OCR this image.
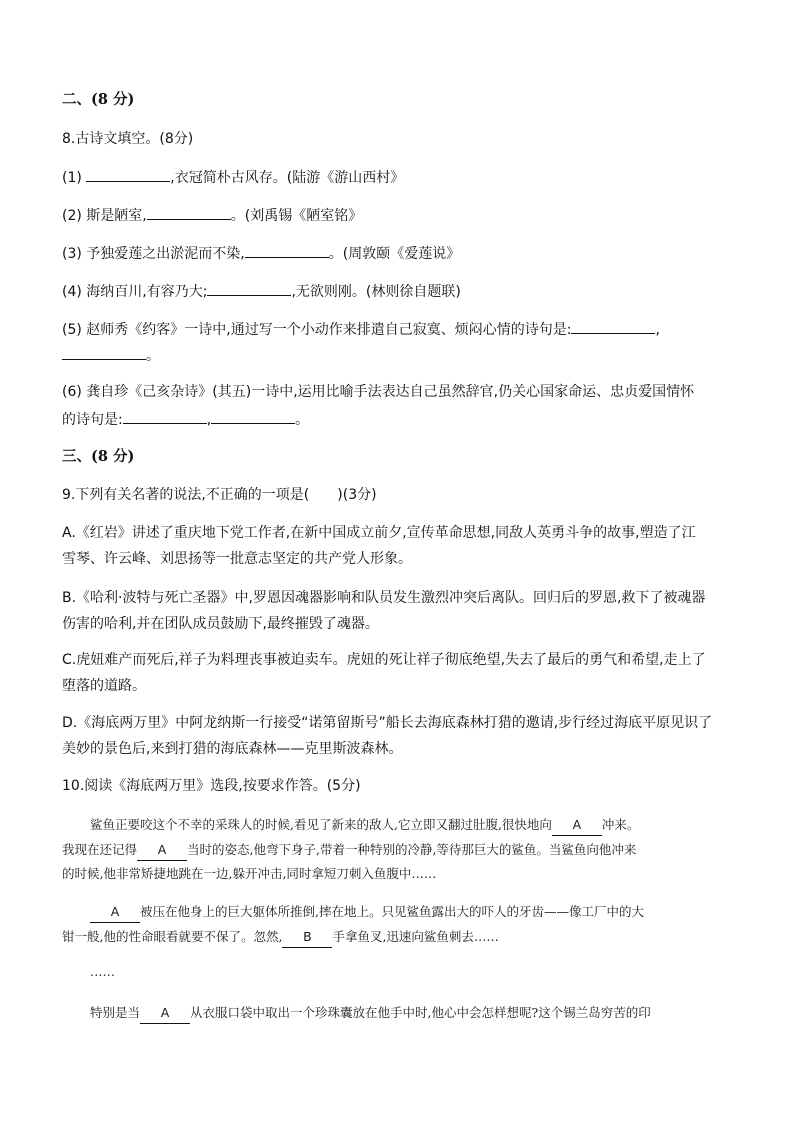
二、(8 分)
8.古诗文填空。(8分)
(1)	,衣冠简朴古风存。(陆游《游山西村》
(2) 斯是陋室,	。(刘禹锡《陋室铭》
(3) 予独爱莲之出淤泥而不染,	。(周敦颐《爱莲说》
(4) 海纳百川,有容乃大;	,无欲则刚。(林则徐自题联)
(5) 赵师秀《约客》一诗中,通过写一个小动作来排遣自己寂寞、烦闷心情的诗句是:	,
。
(6) 龚自珍《己亥杂诗》(其五)一诗中,运用比喻手法表达自己虽然辞官,仍关心国家命运、忠贞爱国情怀
的诗句是:	,	。
三、(8 分)
9.下列有关名著的说法,不正确的一项是(　　)(3分)
A.《红岩》讲述了重庆地下党工作者,在新中国成立前夕,宣传革命思想,同敌人英勇斗争的故事,塑造了江
雪琴、许云峰、刘思扬等一批意志坚定的共产党人形象。
B.《哈利·波特与死亡圣器》中,罗恩因魂器影响和队员发生激烈冲突后离队。回归后的罗恩,救下了被魂器
伤害的哈利,并在团队成员鼓励下,最终摧毁了魂器。
C.虎妞难产而死后,祥子为料理丧事被迫卖车。虎妞的死让祥子彻底绝望,失去了最后的勇气和希望,走上了
堕落的道路。
D.《海底两万里》中阿龙纳斯一行接受“诺第留斯号”船长去海底森林打猎的邀请,步行经过海底平原见识了
美妙的景色后,来到打猎的海底森林——克里斯波森林。
10.阅读《海底两万里》选段,按要求作答。(5分)
鲨鱼正要咬这个不幸的采珠人的时候,看见了新来的敌人,它立即又翻过肚腹,很快地向 A 冲来。
我现在还记得 A 当时的姿态,他弯下身子,带着一种特别的冷静,等待那巨大的鲨鱼。当鲨鱼向他冲来
的时候,他非常矫捷地跳在一边,躲开冲击,同时拿短刀刺入鱼腹中……
A 被压在他身上的巨大躯体所推倒,摔在地上。只见鲨鱼露出大的吓人的牙齿——像工厂中的大
钳一般,他的性命眼看就要不保了。忽然, B 手拿鱼叉,迅速向鲨鱼刺去……
……
特别是当 A 从衣服口袋中取出一个珍珠囊放在他手中时,他心中会怎样想呢?这个锡兰岛穷苦的印
